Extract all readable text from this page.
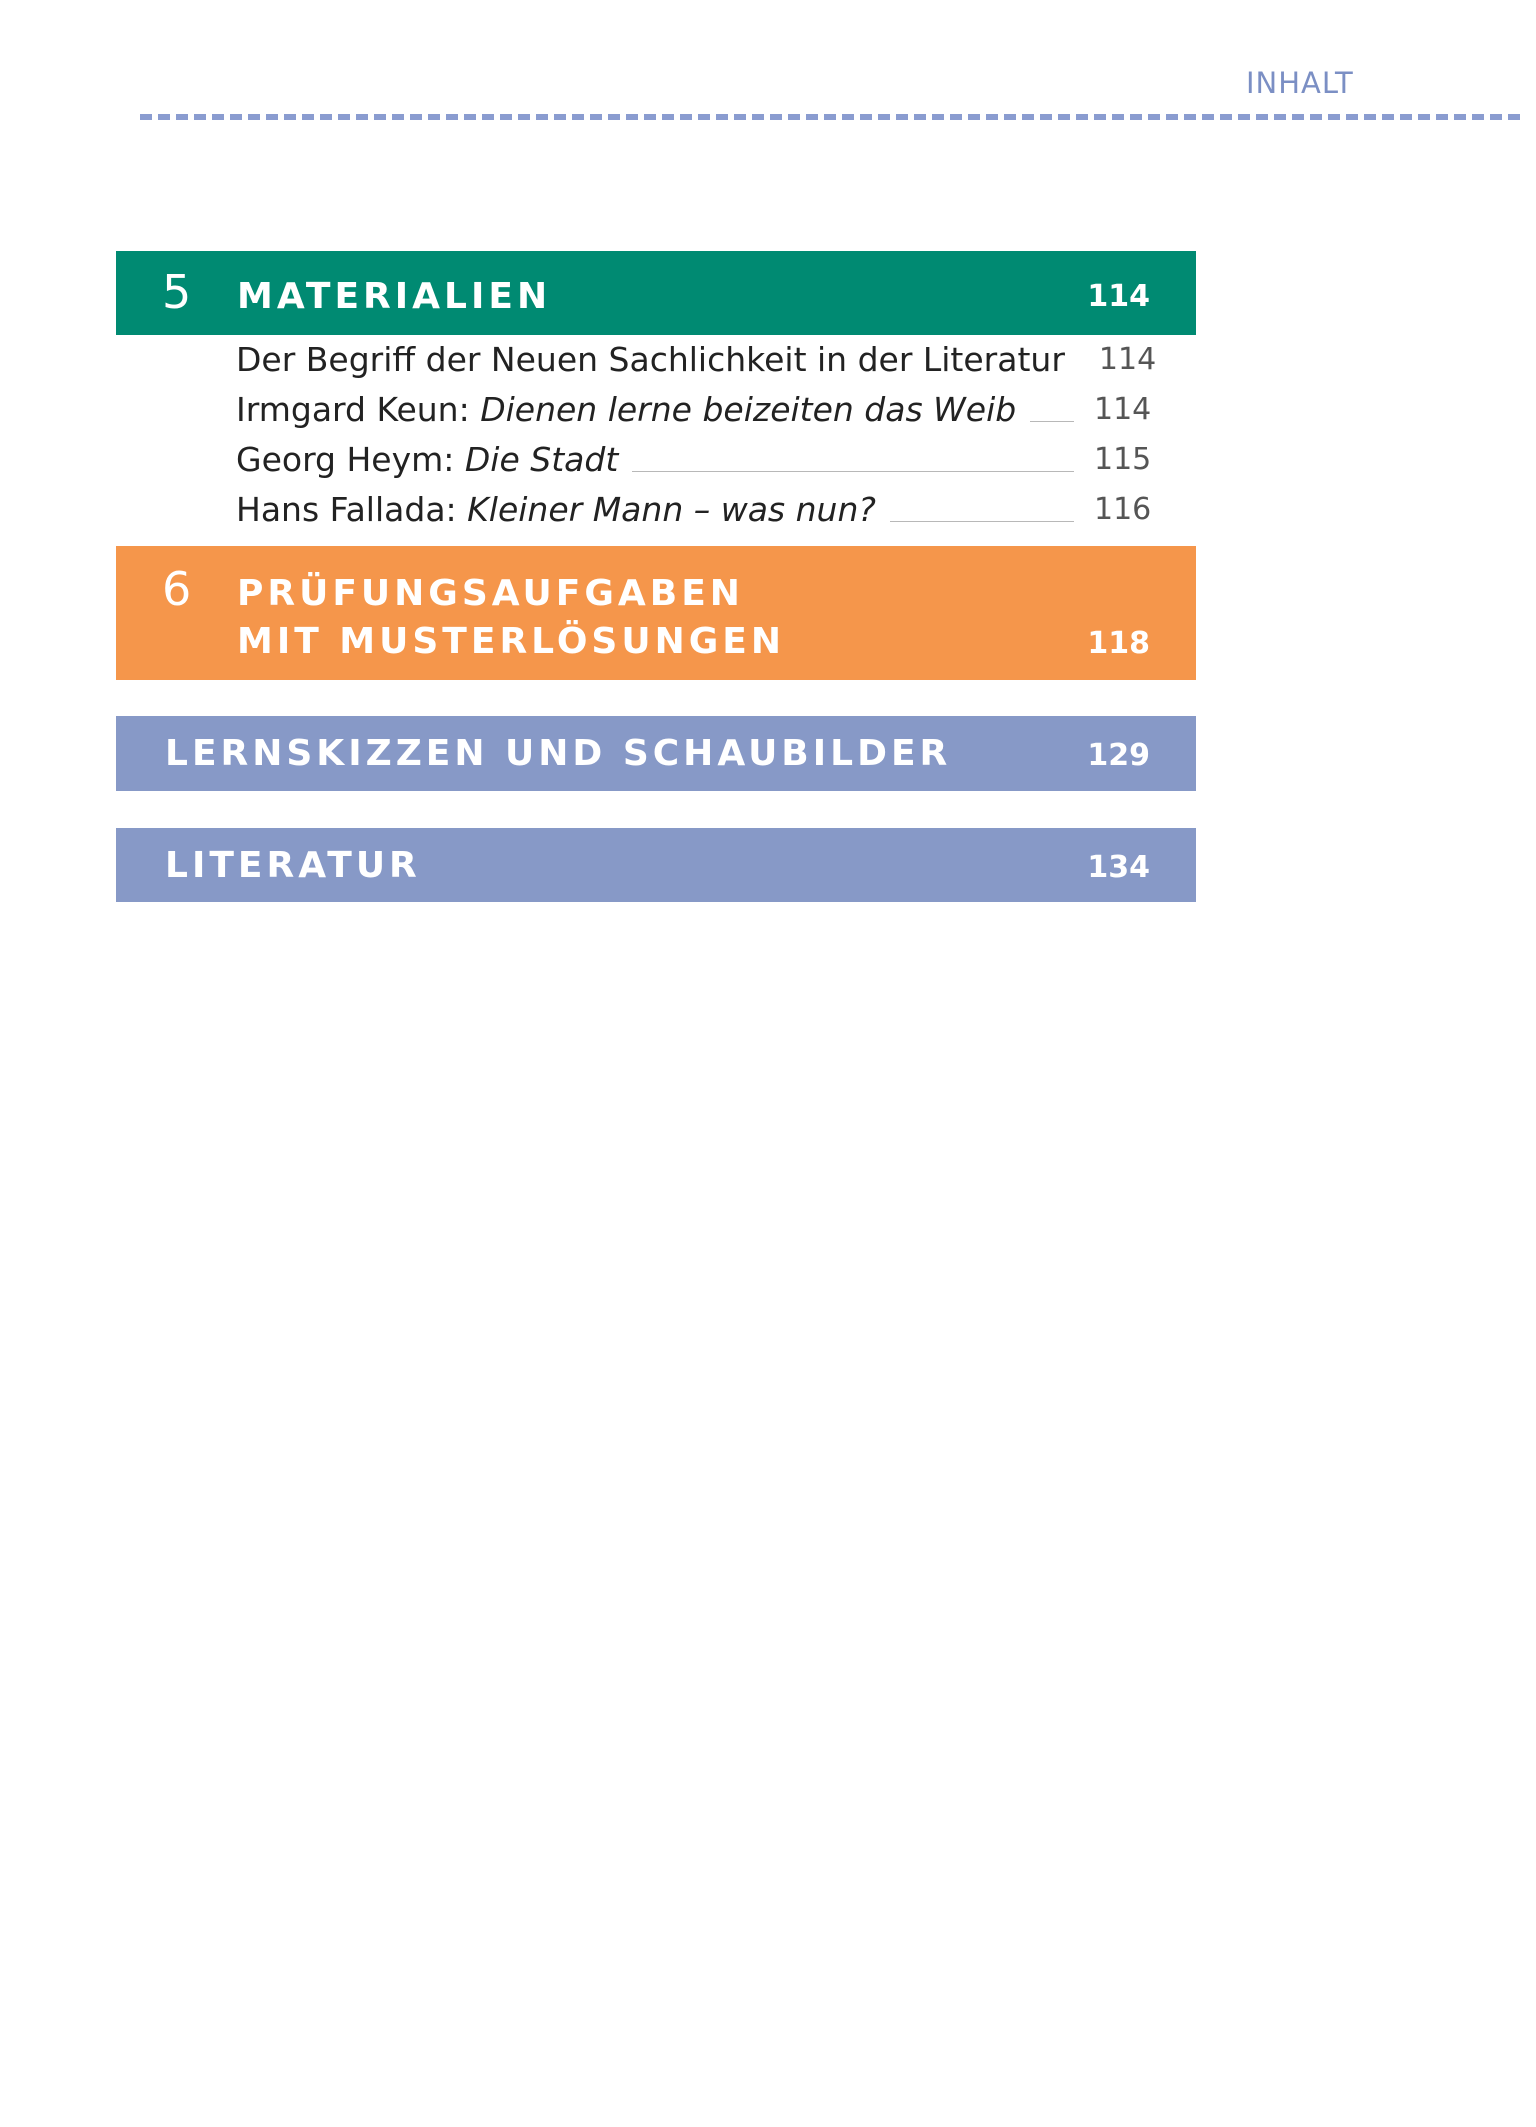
INHALT
5 MATERIALIEN	114
Der Begriff der Neuen Sachlichkeit in der Literatur 114
Irmgard Keun: Dienen lerne beizeiten das Weib	114
Georg Heym: Die Stadt	115
Hans Fallada: Kleiner Mann – was nun?	116
6 PRÜFUNGSAUFGABEN
MIT MUSTERLÖSUNGEN	118
LERNSKIZZEN UND SCHAUBILDER	129
LITERATUR	134
